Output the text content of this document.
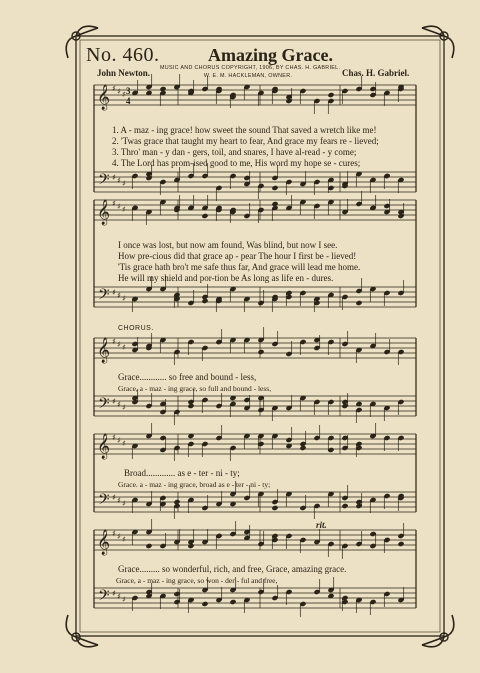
𝄞
𝄢
♯
♯
♯
♯
♯
♯
3
4
𝄞
𝄢
♯
♯
♯
♯
♯
♯
𝄞
𝄢
♯
♯
♯
♯
♯
♯
𝄞
𝄢
♯
♯
♯
♯
♯
♯
𝄞
𝄢
♯
♯
♯
♯
♯
♯
No. 460.	Amazing Grace.
MUSIC AND CHORUS COPYRIGHT, 1906, BY CHAS. H. GABRIEL.
W. E. M. HACKLEMAN, OWNER.
John Newton.	Chas. H. Gabriel.
1. A - maz - ing grace! how sweet the sound That saved a wretch like me!
2. 'Twas grace that taught my heart to fear, And grace my fears re - lieved;
3. Thro' man - y dan - gers, toil, and snares, I have al-read - y come;
4. The Lord has prom-ised good to me, His word my hope se - cures;
I once was lost, but now am found, Was blind, but now I see.
How pre-cious did that grace ap - pear The hour I first be - lieved!
'Tis grace hath bro't me safe thus far, And grace will lead me home.
He will my shield and por-tion be As long as life en - dures.
CHORUS.
Grace............ so free and bound - less,
Grace, a - maz - ing grace, so full and bound - less,
Broad............. as e - ter - ni - ty;
Grace. a - maz - ing grace, broad as e - ter - ni - ty;
rit.
Grace......... so wonderful, rich, and free, Grace, amazing grace.
Grace, a - maz - ing grace, so won - der - ful and free,
